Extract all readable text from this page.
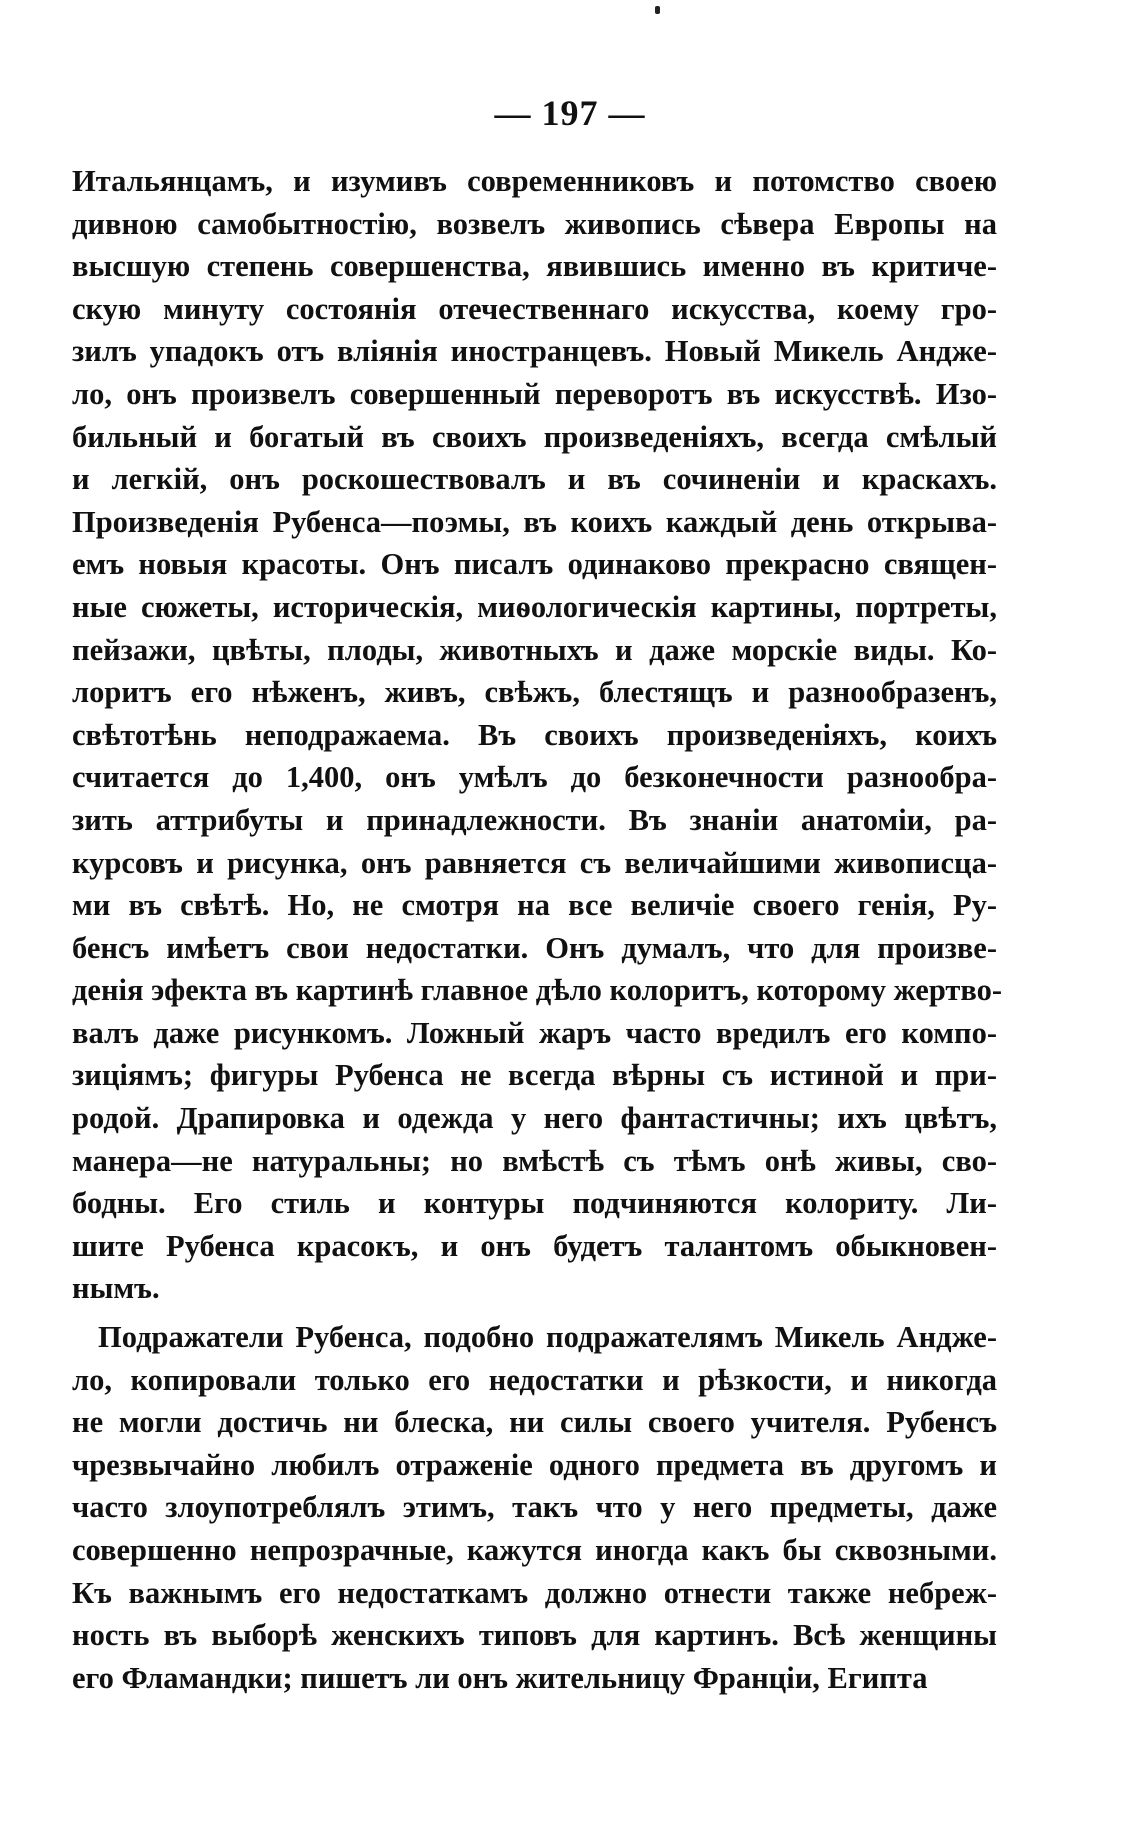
— 197 —
Итальянцамъ, и изумивъ современниковъ и потомство своею
дивною самобытностію, возвелъ живопись сѣвера Европы на
высшую степень совершенства, явившись именно въ критиче-
скую минуту состоянія отечественнаго искусства, коему гро-
зилъ упадокъ отъ вліянія иностранцевъ. Новый Микель Андже-
ло, онъ произвелъ совершенный переворотъ въ искусствѣ. Изо-
бильный и богатый въ своихъ произведеніяхъ, всегда смѣлый
и легкій, онъ роскошествовалъ и въ сочиненіи и краскахъ.
Произведенія Рубенса—поэмы, въ коихъ каждый день открыва-
емъ новыя красоты. Онъ писалъ одинаково прекрасно священ-
ные сюжеты, историческія, миѳологическія картины, портреты,
пейзажи, цвѣты, плоды, животныхъ и даже морскіе виды. Ко-
лоритъ его нѣженъ, живъ, свѣжъ, блестящъ и разнообразенъ,
свѣтотѣнь неподражаема. Въ своихъ произведеніяхъ, коихъ
считается до 1,400, онъ умѣлъ до безконечности разнообра-
зить аттрибуты и принадлежности. Въ знаніи анатоміи, ра-
курсовъ и рисунка, онъ равняется съ величайшими живописца-
ми въ свѣтѣ. Но, не смотря на все величіе своего генія, Ру-
бенсъ имѣетъ свои недостатки. Онъ думалъ, что для произве-
денія эфекта въ картинѣ главное дѣло колоритъ, которому жертво-
валъ даже рисункомъ. Ложный жаръ часто вредилъ его компо-
зиціямъ; фигуры Рубенса не всегда вѣрны съ истиной и при-
родой. Драпировка и одежда у него фантастичны; ихъ цвѣтъ,
манера—не натуральны; но вмѣстѣ съ тѣмъ онѣ живы, сво-
бодны. Его стиль и контуры подчиняются колориту. Ли-
шите Рубенса красокъ, и онъ будетъ талантомъ обыкновен-
нымъ.
Подражатели Рубенса, подобно подражателямъ Микель Андже-
ло, копировали только его недостатки и рѣзкости, и никогда
не могли достичь ни блеска, ни силы своего учителя. Рубенсъ
чрезвычайно любилъ отраженіе одного предмета въ другомъ и
часто злоупотреблялъ этимъ, такъ что у него предметы, даже
совершенно непрозрачные, кажутся иногда какъ бы сквозными.
Къ важнымъ его недостаткамъ должно отнести также небреж-
ность въ выборѣ женскихъ типовъ для картинъ. Всѣ женщины
его Фламандки; пишетъ ли онъ жительницу Франціи, Египта
